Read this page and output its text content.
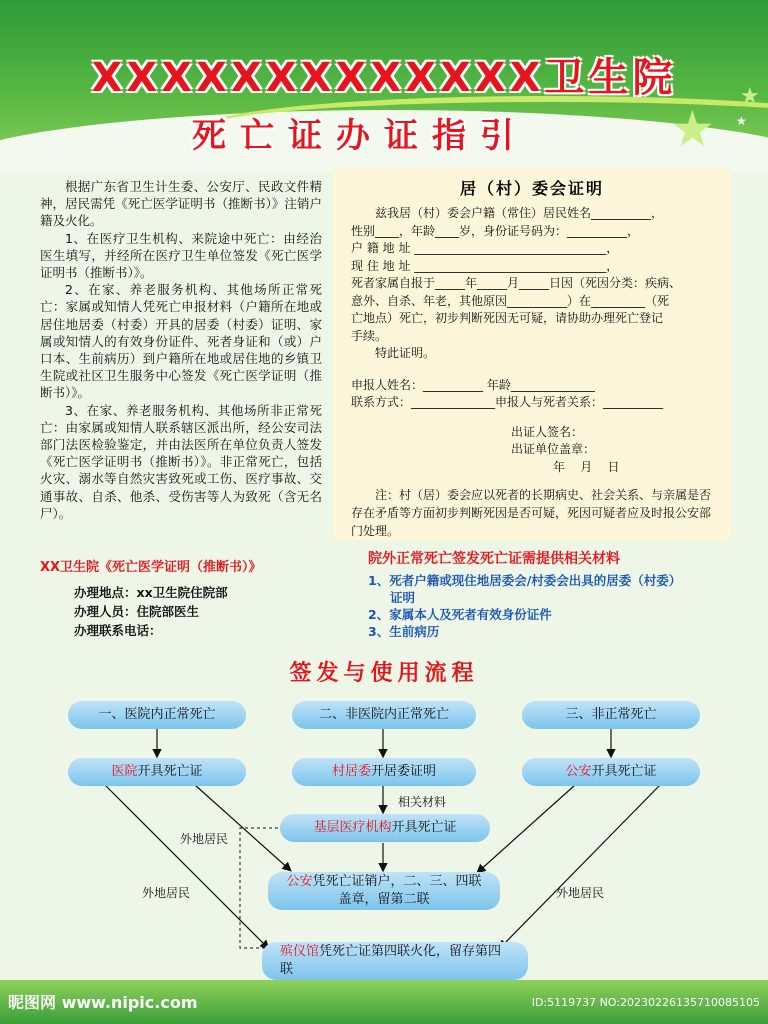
★
★
★
XXXXXXXXXXXXX卫生院
死亡证办证指引

根据广东省卫生计生委、公安厅、民政文件精神，居民需凭《死亡医学证明书（推断书）》注销户籍及火化。

1、在医疗卫生机构、来院途中死亡：由经治医生填写，并经所在医疗卫生单位签发《死亡医学证明书（推断书）》。

2、在家、养老服务机构、其他场所正常死亡：家属或知情人凭死亡申报材料（户籍所在地或居住地居委（村委）开具的居委（村委）证明、家属或知情人的有效身份证件、死者身证和（或）户口本、生前病历）到户籍所在地或居住地的乡镇卫生院或社区卫生服务中心签发《死亡医学证明（推断书）》。

3、在家、养老服务机构、其他场所非正常死亡：由家属或知情人联系辖区派出所，经公安司法部门法医检验鉴定，并由法医所在单位负责人签发《死亡医学证明书（推断书）》。非正常死亡，包括火灾、溺水等自然灾害致死或工伤、医疗事故、交通事故、自杀、他杀、受伤害等人为致死（含无名尸）。

居（村）委会证明
兹我居（村）委会户籍（常住）居民姓名__________，
性别____，年龄____岁，身份证号码为：__________，
户 籍 地 址 ________________________________，
现 住 地 址 ________________________________，
死者家属自报于_____年_____月_____日因（死因分类：疾病、
意外、自杀、年老，其他原因__________）在_________（死
亡地点）死亡，初步判断死因无可疑，请协助办理死亡登记
手续。
特此证明。
申报人姓名：__________ 年龄______________
联系方式：______________申报人与死者关系：__________
出证人签名：
出证单位盖章：
年    月    日
注：村（居）委会应以死者的长期病史、社会关系、与亲属是否存在矛盾等方面初步判断死因是否可疑，死因可疑者应及时报公安部门处理。
XX卫生院《死亡医学证明（推断书）》
办理地点：xx卫生院住院部
办理人员：住院部医生
办理联系电话：
院外正常死亡签发死亡证需提供相关材料
1、死者户籍或现住地居委会/村委会出具的居委（村委）
证明
2、家属本人及死者有效身份证件
3、生前病历
签发与使用流程
一、医院内正常死亡	二、非医院内正常死亡	三、非正常死亡
医院 开具死亡证	村居委 开居委证明	公安 开具死亡证
相关材料
基层医疗机构 开具死亡证
外地居民
外地居民	外地居民
公安凭死亡证销户，二、三、四联盖章，留第二联
殡仪馆凭死亡证第四联火化，留存第四联
昵图网 www.nipic.com	ID:5119737 NO:20230226135710085105
